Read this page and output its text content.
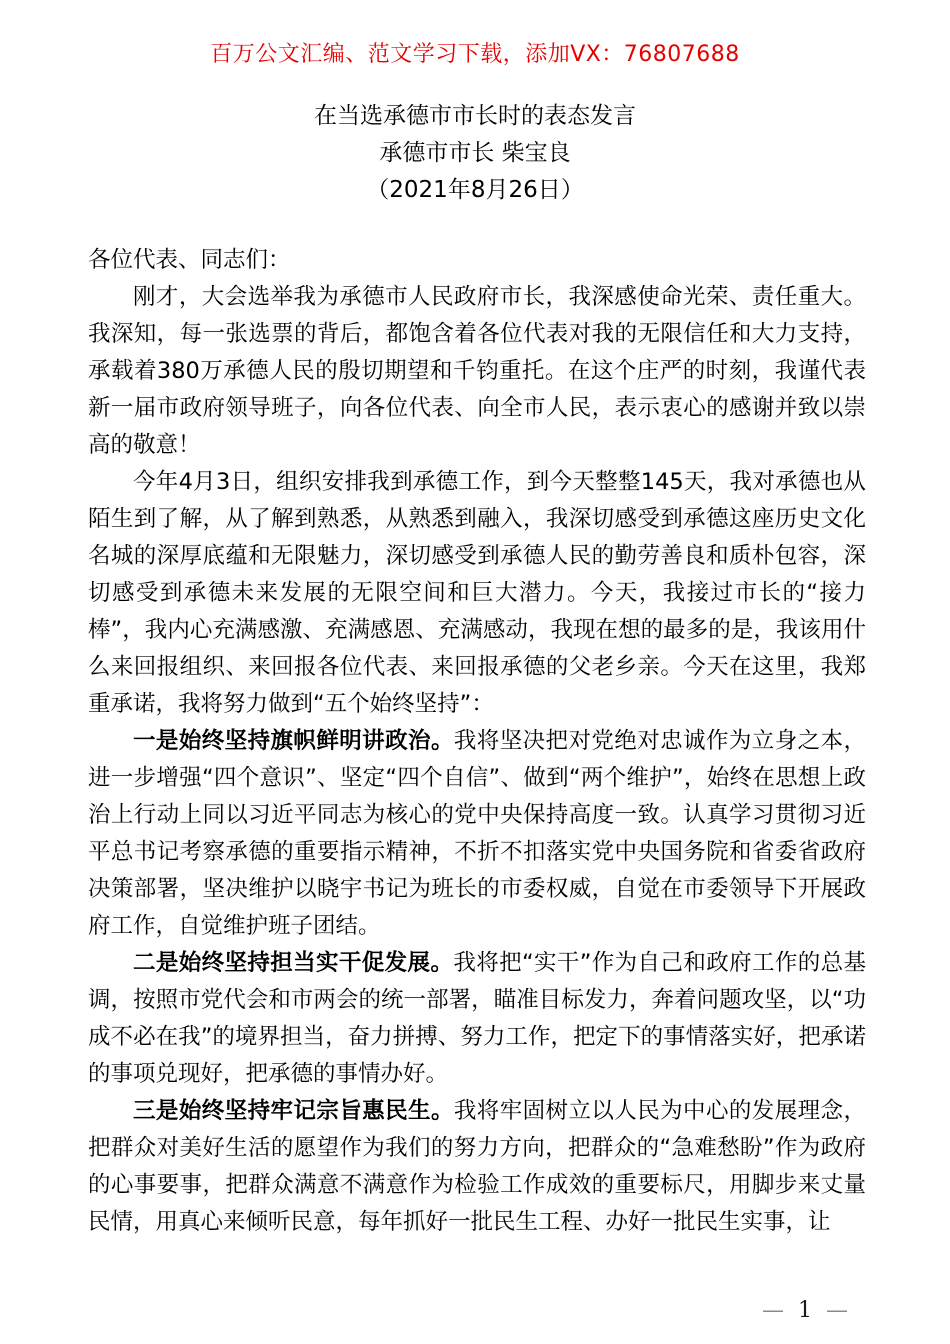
百万公文汇编、范文学习下载，添加VX：76807688
在当选承德市市长时的表态发言
承德市市长 柴宝良
（2021年8月26日）

各位代表、同志们：

刚才，大会选举我为承德市人民政府市长，我深感使命光荣、责任重大。我深知，每一张选票的背后，都饱含着各位代表对我的无限信任和大力支持，承载着380万承德人民的殷切期望和千钧重托。在这个庄严的时刻，我谨代表新一届市政府领导班子，向各位代表、向全市人民，表示衷心的感谢并致以崇高的敬意！

今年4月3日，组织安排我到承德工作，到今天整整145天，我对承德也从陌生到了解，从了解到熟悉，从熟悉到融入，我深切感受到承德这座历史文化名城的深厚底蕴和无限魅力，深切感受到承德人民的勤劳善良和质朴包容，深切感受到承德未来发展的无限空间和巨大潜力。今天，我接过市长的“接力棒”，我内心充满感激、充满感恩、充满感动，我现在想的最多的是，我该用什么来回报组织、来回报各位代表、来回报承德的父老乡亲。今天在这里，我郑重承诺，我将努力做到“五个始终坚持”：

一是始终坚持旗帜鲜明讲政治。我将坚决把对党绝对忠诚作为立身之本，进一步增强“四个意识”、坚定“四个自信”、做到“两个维护”，始终在思想上政治上行动上同以习近平同志为核心的党中央保持高度一致。认真学习贯彻习近平总书记考察承德的重要指示精神，不折不扣落实党中央国务院和省委省政府决策部署，坚决维护以晓宇书记为班长的市委权威，自觉在市委领导下开展政府工作，自觉维护班子团结。

二是始终坚持担当实干促发展。我将把“实干”作为自己和政府工作的总基调，按照市党代会和市两会的统一部署，瞄准目标发力，奔着问题攻坚，以“功成不必在我”的境界担当，奋力拼搏、努力工作，把定下的事情落实好，把承诺的事项兑现好，把承德的事情办好。

三是始终坚持牢记宗旨惠民生。我将牢固树立以人民为中心的发展理念，把群众对美好生活的愿望作为我们的努力方向，把群众的“急难愁盼”作为政府的心事要事，把群众满意不满意作为检验工作成效的重要标尺，用脚步来丈量民情，用真心来倾听民意，每年抓好一批民生工程、办好一批民生实事，让

— 1 —
